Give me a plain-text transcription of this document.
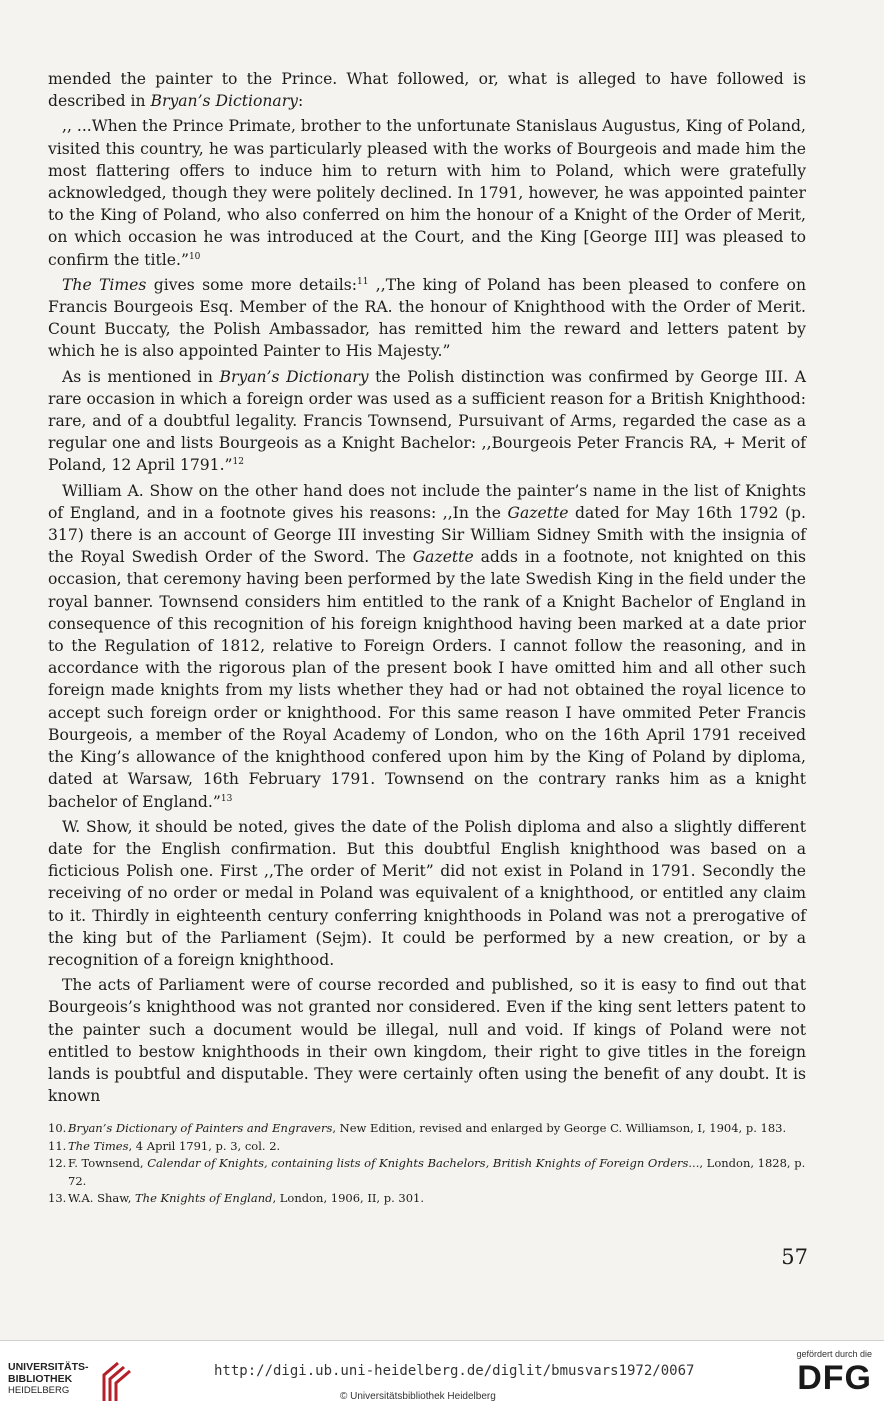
mended the painter to the Prince. What followed, or, what is alleged to have followed is described in Bryan’s Dictionary:

,, ...When the Prince Primate, brother to the unfortunate Stanislaus Augustus, King of Poland, visited this country, he was particularly pleased with the works of Bourgeois and made him the most flattering offers to induce him to return with him to Poland, which were gratefully acknowledged, though they were politely declined. In 1791, however, he was appointed painter to the King of Poland, who also conferred on him the honour of a Knight of the Order of Merit, on which occasion he was introduced at the Court, and the King [George III] was pleased to confirm the title.”$^{10}$

The Times gives some more details:$^{11}$ ,,The king of Poland has been pleased to confere on Francis Bourgeois Esq. Member of the RA. the honour of Knighthood with the Order of Merit. Count Buccaty, the Polish Ambassador, has remitted him the reward and letters patent by which he is also appointed Painter to His Majesty.”

As is mentioned in Bryan’s Dictionary the Polish distinction was confirmed by George III. A rare occasion in which a foreign order was used as a sufficient reason for a British Knighthood: rare, and of a doubtful legality. Francis Townsend, Pursuivant of Arms, regarded the case as a regular one and lists Bourgeois as a Knight Bachelor: ,,Bourgeois Peter Francis RA, + Merit of Poland, 12 April 1791.”$^{12}$

William A. Show on the other hand does not include the painter’s name in the list of Knights of England, and in a footnote gives his reasons: ,,In the Gazette dated for May 16th 1792 (p. 317) there is an account of George III investing Sir William Sidney Smith with the insignia of the Royal Swedish Order of the Sword. The Gazette adds in a footnote, not knighted on this occasion, that ceremony having been performed by the late Swedish King in the field under the royal banner. Townsend considers him entitled to the rank of a Knight Bachelor of England in consequence of this recognition of his foreign knighthood having been marked at a date prior to the Regulation of 1812, relative to Foreign Orders. I cannot follow the reasoning, and in accordance with the rigorous plan of the present book I have omitted him and all other such foreign made knights from my lists whether they had or had not obtained the royal licence to accept such foreign order or knighthood. For this same reason I have ommited Peter Francis Bourgeois, a member of the Royal Academy of London, who on the 16th April 1791 received the King’s allowance of the knighthood confered upon him by the King of Poland by diploma, dated at Warsaw, 16th February 1791. Townsend on the contrary ranks him as a knight bachelor of England.”$^{13}$

W. Show, it should be noted, gives the date of the Polish diploma and also a slightly different date for the English confirmation. But this doubtful English knighthood was based on a ficticious Polish one. First ,,The order of Merit” did not exist in Poland in 1791. Secondly the receiving of no order or medal in Poland was equivalent of a knighthood, or entitled any claim to it. Thirdly in eighteenth century conferring knighthoods in Poland was not a prerogative of the king but of the Parliament (Sejm). It could be performed by a new creation, or by a recognition of a foreign knighthood.

The acts of Parliament were of course recorded and published, so it is easy to find out that Bourgeois’s knighthood was not granted nor considered. Even if the king sent letters patent to the painter such a document would be illegal, null and void. If kings of Poland were not entitled to bestow knighthoods in their own kingdom, their right to give titles in the foreign lands is poubtful and disputable. They were certainly often using the benefit of any doubt. It is known

10. Bryan’s Dictionary of Painters and Engravers, New Edition, revised and enlarged by George C. Williamson, I, 1904, p. 183.
11. The Times, 4 April 1791, p. 3, col. 2.
12. F. Townsend, Calendar of Knights, containing lists of Knights Bachelors, British Knights of Foreign Orders..., London, 1828, p. 72.
13. W.A. Shaw, The Knights of England, London, 1906, II, p. 301.
57
UNIVERSITÄTS-
BIBLIOTHEK
HEIDELBERG
http://digi.ub.uni-heidelberg.de/diglit/bmusvars1972/0067
© Universitätsbibliothek Heidelberg
gefördert durch die
DFG
